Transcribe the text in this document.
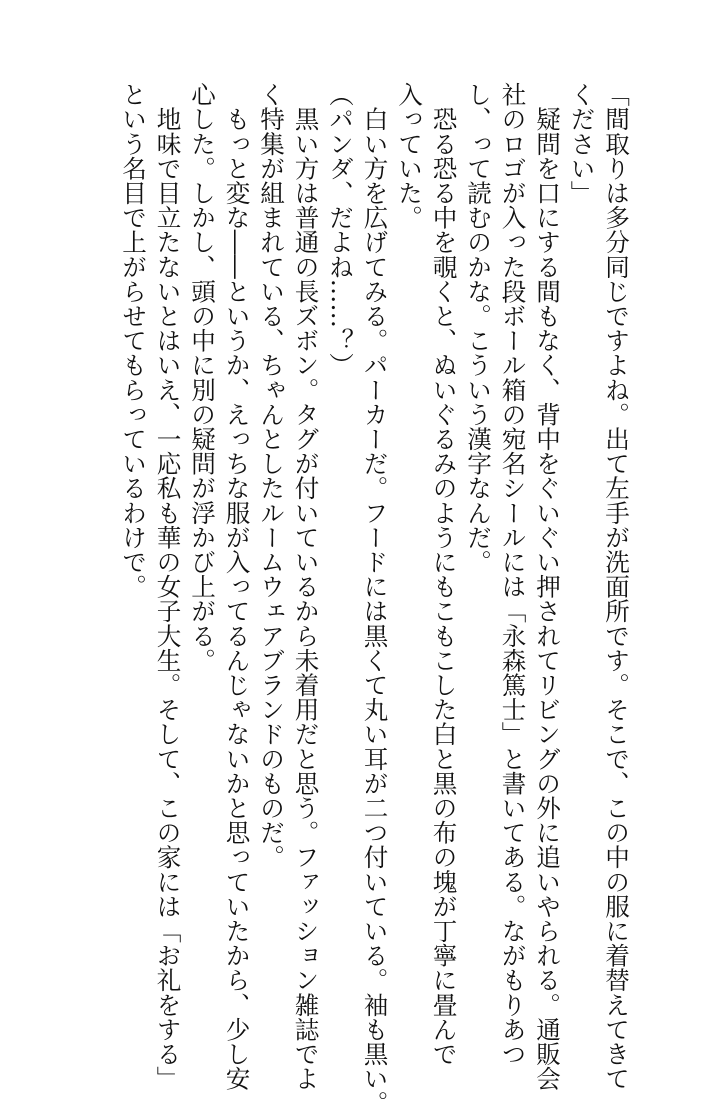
「間取りは多分同じですよね。出て左手が洗面所です。そこで、この中の服に着替えてきて
ください」
　疑問を口にする間もなく、背中をぐいぐい押されてリビングの外に追いやられる。通販会
社のロゴが入った段ボール箱の宛名シールには「永森篤士」と書いてある。ながもりあつ
し、って読むのかな。こういう漢字なんだ。
　恐る恐る中を覗くと、ぬいぐるみのようにもこもこした白と黒の布の塊が丁寧に畳んで
入っていた。
　白い方を広げてみる。パーカーだ。フードには黒くて丸い耳が二つ付いている。袖も黒い。
（パンダ、だよね……？）
　黒い方は普通の長ズボン。タグが付いているから未着用だと思う。ファッション雑誌でよ
く特集が組まれている、ちゃんとしたルームウェアブランドのものだ。
　もっと変な――というか、えっちな服が入ってるんじゃないかと思っていたから、少し安
心した。しかし、頭の中に別の疑問が浮かび上がる。
　地味で目立たないとはいえ、一応私も華の女子大生。そして、この家には「お礼をする」
という名目で上がらせてもらっているわけで。
